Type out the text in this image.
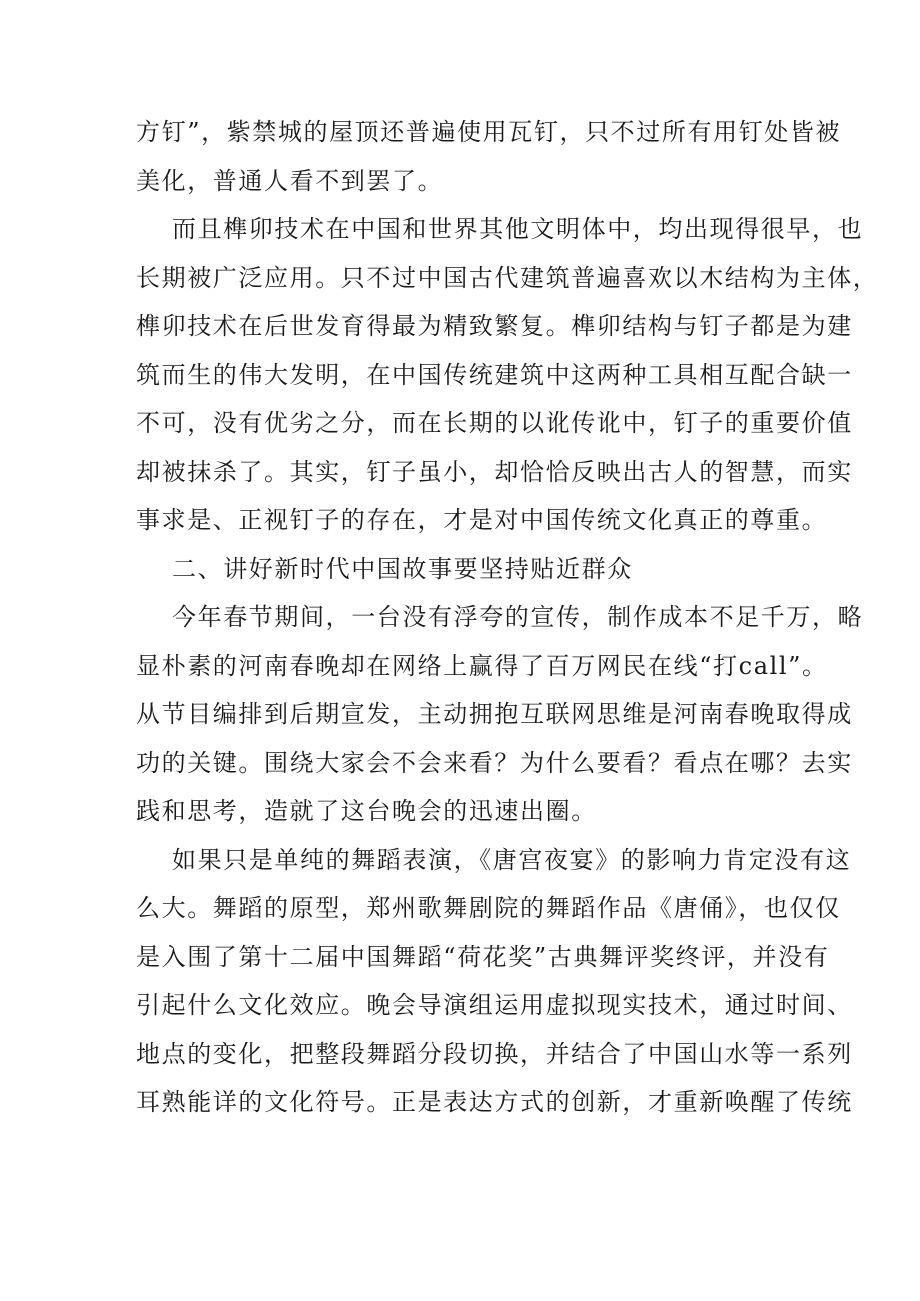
方钉”，紫禁城的屋顶还普遍使用瓦钉，只不过所有用钉处皆被
美化，普通人看不到罢了。
而且榫卯技术在中国和世界其他文明体中，均出现得很早，也
长期被广泛应用。只不过中国古代建筑普遍喜欢以木结构为主体，
榫卯技术在后世发育得最为精致繁复。榫卯结构与钉子都是为建
筑而生的伟大发明，在中国传统建筑中这两种工具相互配合缺一
不可，没有优劣之分，而在长期的以讹传讹中，钉子的重要价值
却被抹杀了。其实，钉子虽小，却恰恰反映出古人的智慧，而实
事求是、正视钉子的存在，才是对中国传统文化真正的尊重。
二、讲好新时代中国故事要坚持贴近群众
今年春节期间，一台没有浮夸的宣传，制作成本不足千万，略
显朴素的河南春晚却在网络上赢得了百万网民在线“打call”。
从节目编排到后期宣发，主动拥抱互联网思维是河南春晚取得成
功的关键。围绕大家会不会来看？为什么要看？看点在哪？去实
践和思考，造就了这台晚会的迅速出圈。
如果只是单纯的舞蹈表演，《唐宫夜宴》的影响力肯定没有这
么大。舞蹈的原型，郑州歌舞剧院的舞蹈作品《唐俑》，也仅仅
是入围了第十二届中国舞蹈“荷花奖”古典舞评奖终评，并没有
引起什么文化效应。晚会导演组运用虚拟现实技术，通过时间、
地点的变化，把整段舞蹈分段切换，并结合了中国山水等一系列
耳熟能详的文化符号。正是表达方式的创新，才重新唤醒了传统
